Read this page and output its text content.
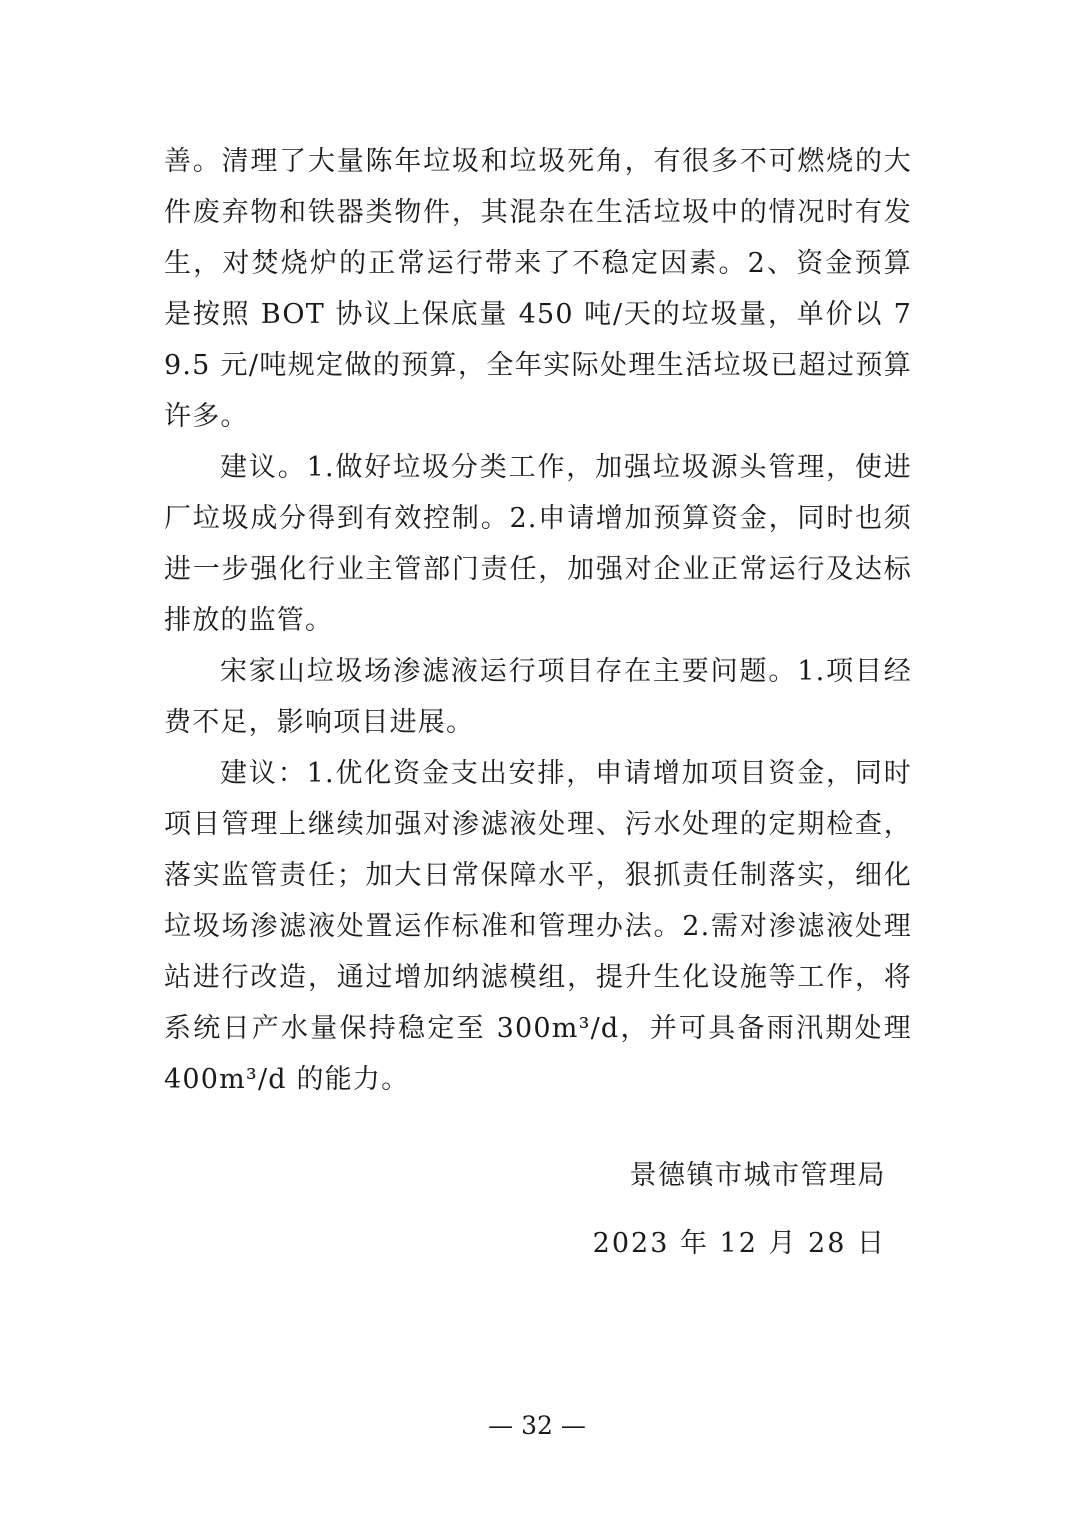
善。清理了大量陈年垃圾和垃圾死角，有很多不可燃烧的大件废弃物和铁器类物件，其混杂在生活垃圾中的情况时有发生，对焚烧炉的正常运行带来了不稳定因素。2、资金预算是按照 BOT 协议上保底量 450 吨/天的垃圾量，单价以 79.5 元/吨规定做的预算，全年实际处理生活垃圾已超过预算许多。

建议。1.做好垃圾分类工作，加强垃圾源头管理，使进厂垃圾成分得到有效控制。2.申请增加预算资金，同时也须进一步强化行业主管部门责任，加强对企业正常运行及达标排放的监管。

宋家山垃圾场渗滤液运行项目存在主要问题。1.项目经费不足，影响项目进展。

建议：1.优化资金支出安排，申请增加项目资金，同时项目管理上继续加强对渗滤液处理、污水处理的定期检查，落实监管责任；加大日常保障水平，狠抓责任制落实，细化垃圾场渗滤液处置运作标准和管理办法。2.需对渗滤液处理站进行改造，通过增加纳滤模组，提升生化设施等工作，将系统日产水量保持稳定至 300m³/d，并可具备雨汛期处理 400m³/d 的能力。

景德镇市城市管理局
2023 年 12 月 28 日
— 32 —
